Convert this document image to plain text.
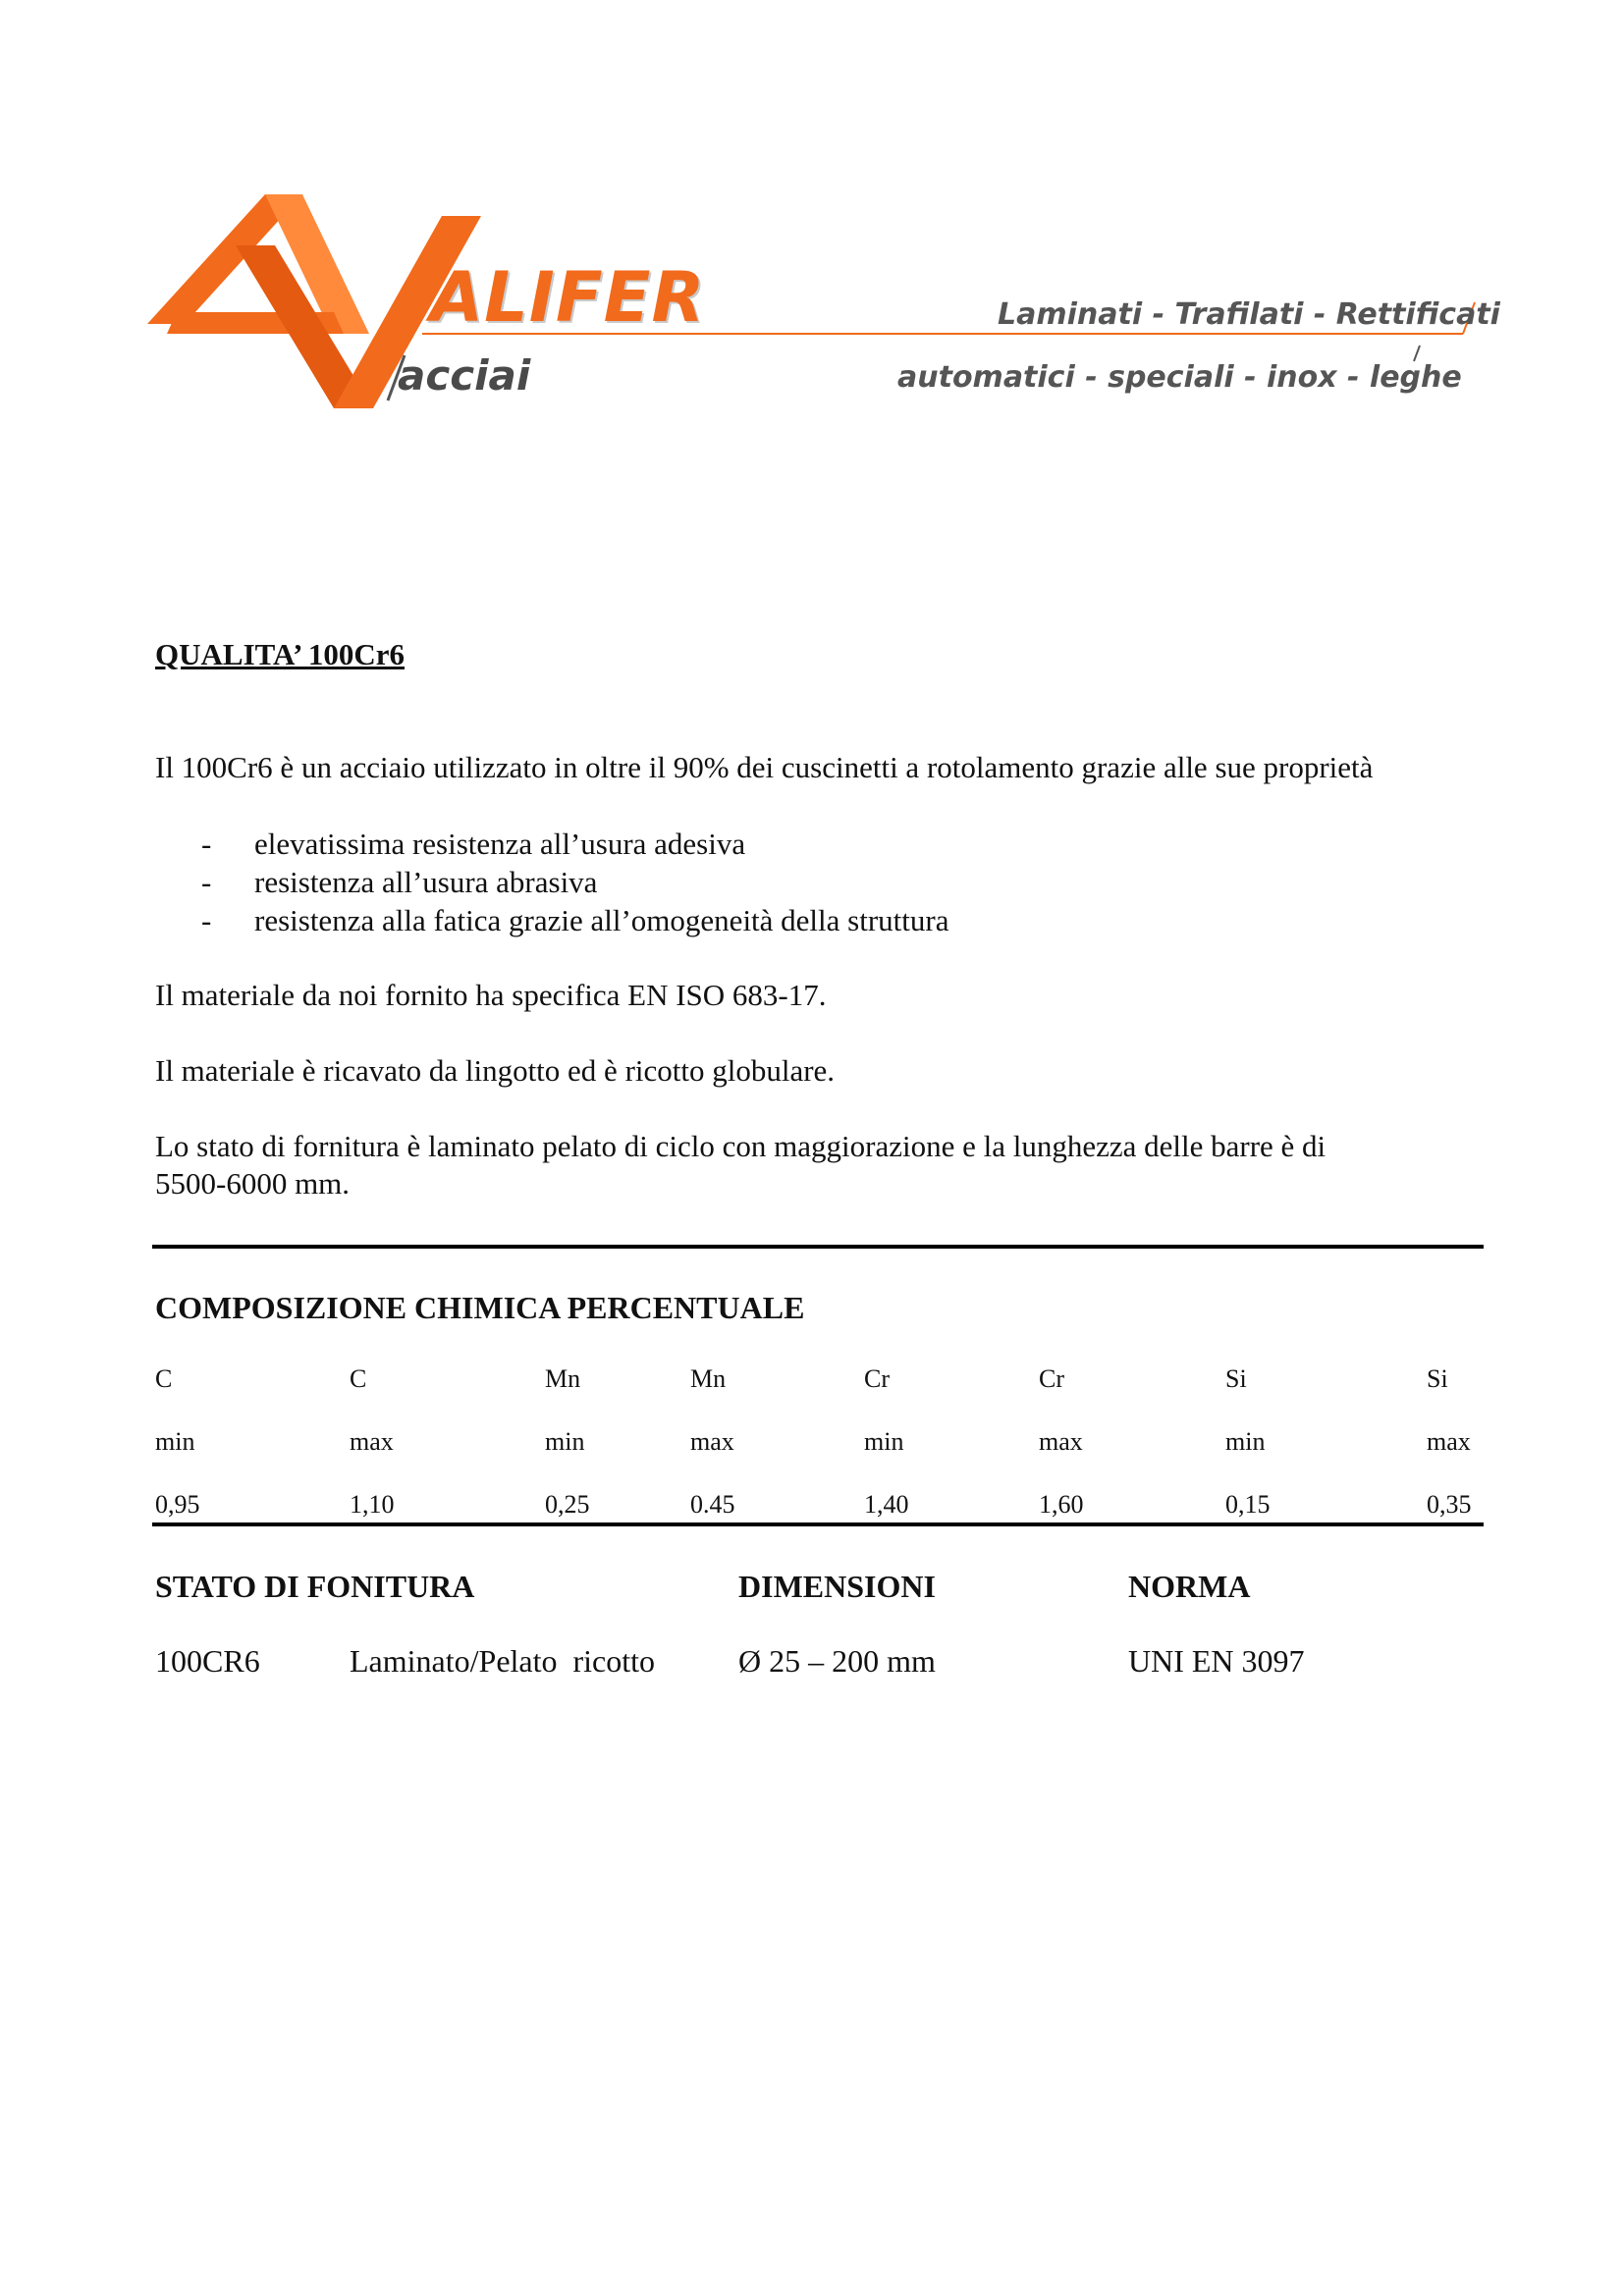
ALIFER
acciai
Laminati - Trafilati - Rettificati
automatici - speciali - inox - leghe
QUALITA’ 100Cr6
Il 100Cr6 è un acciaio utilizzato in oltre il 90% dei cuscinetti a rotolamento grazie alle sue proprietà
-	elevatissima resistenza all’usura adesiva
-	resistenza all’usura abrasiva
-	resistenza alla fatica grazie all’omogeneità della struttura
Il materiale da noi fornito ha specifica EN ISO 683-17.
Il materiale è ricavato da lingotto ed è ricotto globulare.
Lo stato di fornitura è laminato pelato di ciclo con maggiorazione e la lunghezza delle barre è di
5500-6000 mm.
COMPOSIZIONE CHIMICA PERCENTUALE
C	C	Mn	Mn	Cr	Cr	Si	Si
min	max	min	max	min	max	min	max
0,95	1,10	0,25	0.45	1,40	1,60	0,15	0,35
STATO DI FONITURA	DIMENSIONI	NORMA
100CR6	Laminato/Pelato  ricotto	Ø 25 – 200 mm	UNI EN 3097
